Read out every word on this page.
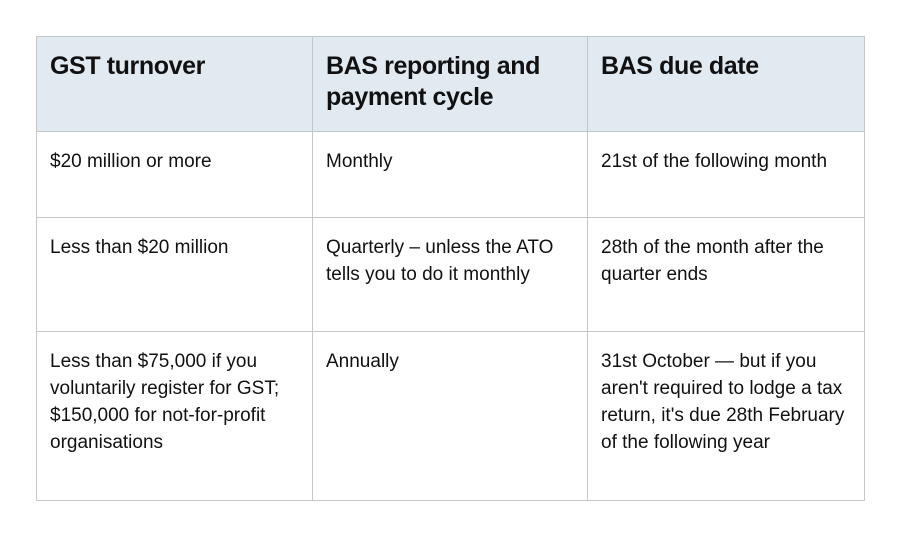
GST turnover	BAS reporting and payment cycle	BAS due date
$20 million or more	Monthly	21st of the following month
Less than $20 million	Quarterly – unless the ATO tells you to do it monthly	28th of the month after the quarter ends
Less than $75,000 if you voluntarily register for GST; $150,000 for not-for-profit organisations	Annually	31st October — but if you aren't required to lodge a tax return, it's due 28th February of the following year
